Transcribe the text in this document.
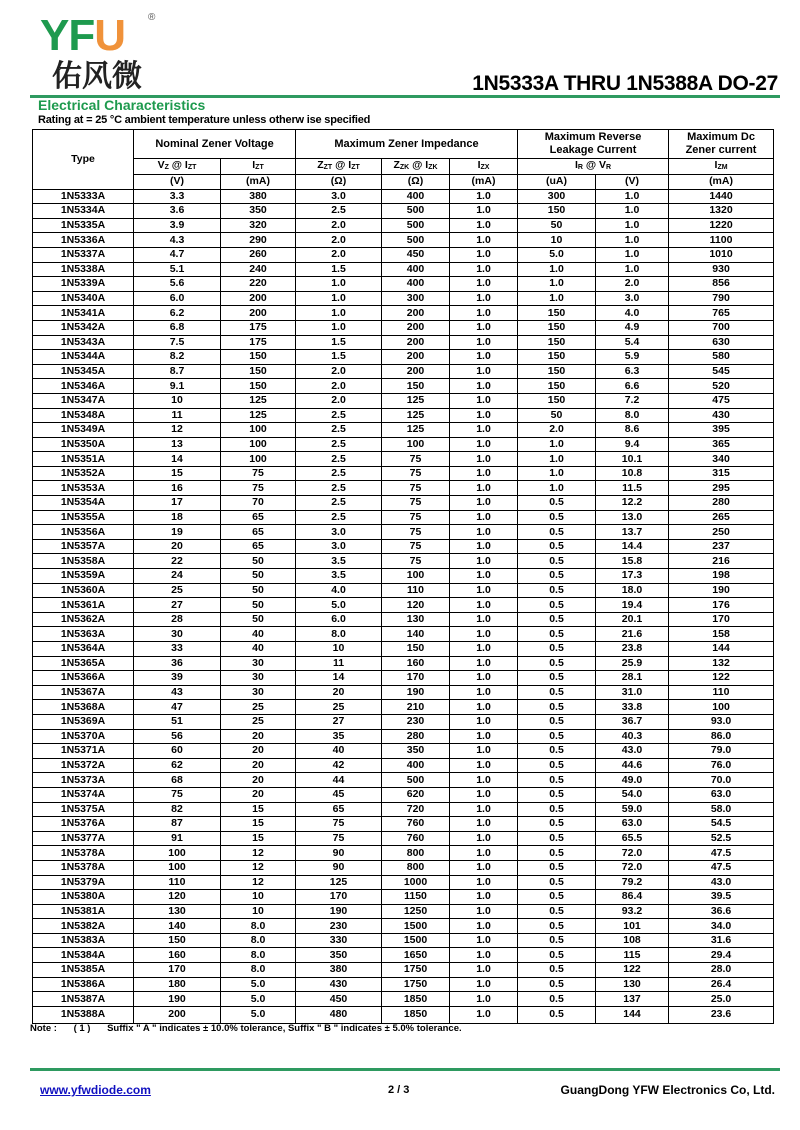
YFU ®
佑风微	1N5333A THRU 1N5388A DO-27
Electrical Characteristics
Rating at = 25 °C ambient temperature unless otherw ise specified
Type	Nominal Zener Voltage		Maximum Zener Impedance			Maximum Reverse
Leakage Current		Maximum Dc
Zener current
	VZ @ IZT	IZT	ZZT @ IZT	ZZK @ IZK	IZX	IR @ VR		IZM
	(V)	(mA)	(Ω)	(Ω)	(mA)	(uA)	(V)	(mA)
1N5333A	3.3	380	3.0	400	1.0	300	1.0	1440
1N5334A	3.6	350	2.5	500	1.0	150	1.0	1320
1N5335A	3.9	320	2.0	500	1.0	50	1.0	1220
1N5336A	4.3	290	2.0	500	1.0	10	1.0	1100
1N5337A	4.7	260	2.0	450	1.0	5.0	1.0	1010
1N5338A	5.1	240	1.5	400	1.0	1.0	1.0	930
1N5339A	5.6	220	1.0	400	1.0	1.0	2.0	856
1N5340A	6.0	200	1.0	300	1.0	1.0	3.0	790
1N5341A	6.2	200	1.0	200	1.0	150	4.0	765
1N5342A	6.8	175	1.0	200	1.0	150	4.9	700
1N5343A	7.5	175	1.5	200	1.0	150	5.4	630
1N5344A	8.2	150	1.5	200	1.0	150	5.9	580
1N5345A	8.7	150	2.0	200	1.0	150	6.3	545
1N5346A	9.1	150	2.0	150	1.0	150	6.6	520
1N5347A	10	125	2.0	125	1.0	150	7.2	475
1N5348A	11	125	2.5	125	1.0	50	8.0	430
1N5349A	12	100	2.5	125	1.0	2.0	8.6	395
1N5350A	13	100	2.5	100	1.0	1.0	9.4	365
1N5351A	14	100	2.5	75	1.0	1.0	10.1	340
1N5352A	15	75	2.5	75	1.0	1.0	10.8	315
1N5353A	16	75	2.5	75	1.0	1.0	11.5	295
1N5354A	17	70	2.5	75	1.0	0.5	12.2	280
1N5355A	18	65	2.5	75	1.0	0.5	13.0	265
1N5356A	19	65	3.0	75	1.0	0.5	13.7	250
1N5357A	20	65	3.0	75	1.0	0.5	14.4	237
1N5358A	22	50	3.5	75	1.0	0.5	15.8	216
1N5359A	24	50	3.5	100	1.0	0.5	17.3	198
1N5360A	25	50	4.0	110	1.0	0.5	18.0	190
1N5361A	27	50	5.0	120	1.0	0.5	19.4	176
1N5362A	28	50	6.0	130	1.0	0.5	20.1	170
1N5363A	30	40	8.0	140	1.0	0.5	21.6	158
1N5364A	33	40	10	150	1.0	0.5	23.8	144
1N5365A	36	30	11	160	1.0	0.5	25.9	132
1N5366A	39	30	14	170	1.0	0.5	28.1	122
1N5367A	43	30	20	190	1.0	0.5	31.0	110
1N5368A	47	25	25	210	1.0	0.5	33.8	100
1N5369A	51	25	27	230	1.0	0.5	36.7	93.0
1N5370A	56	20	35	280	1.0	0.5	40.3	86.0
1N5371A	60	20	40	350	1.0	0.5	43.0	79.0
1N5372A	62	20	42	400	1.0	0.5	44.6	76.0
1N5373A	68	20	44	500	1.0	0.5	49.0	70.0
1N5374A	75	20	45	620	1.0	0.5	54.0	63.0
1N5375A	82	15	65	720	1.0	0.5	59.0	58.0
1N5376A	87	15	75	760	1.0	0.5	63.0	54.5
1N5377A	91	15	75	760	1.0	0.5	65.5	52.5
1N5378A	100	12	90	800	1.0	0.5	72.0	47.5
1N5378A	100	12	90	800	1.0	0.5	72.0	47.5
1N5379A	110	12	125	1000	1.0	0.5	79.2	43.0
1N5380A	120	10	170	1150	1.0	0.5	86.4	39.5
1N5381A	130	10	190	1250	1.0	0.5	93.2	36.6
1N5382A	140	8.0	230	1500	1.0	0.5	101	34.0
1N5383A	150	8.0	330	1500	1.0	0.5	108	31.6
1N5384A	160	8.0	350	1650	1.0	0.5	115	29.4
1N5385A	170	8.0	380	1750	1.0	0.5	122	28.0
1N5386A	180	5.0	430	1750	1.0	0.5	130	26.4
1N5387A	190	5.0	450	1850	1.0	0.5	137	25.0
1N5388A	200	5.0	480	1850	1.0	0.5	144	23.6
Note : ( 1 ) Suffix " A " indicates ± 10.0% tolerance, Suffix " B " indicates ± 5.0% tolerance.
www.yfwdiode.com	2 / 3	GuangDong YFW Electronics Co, Ltd.
